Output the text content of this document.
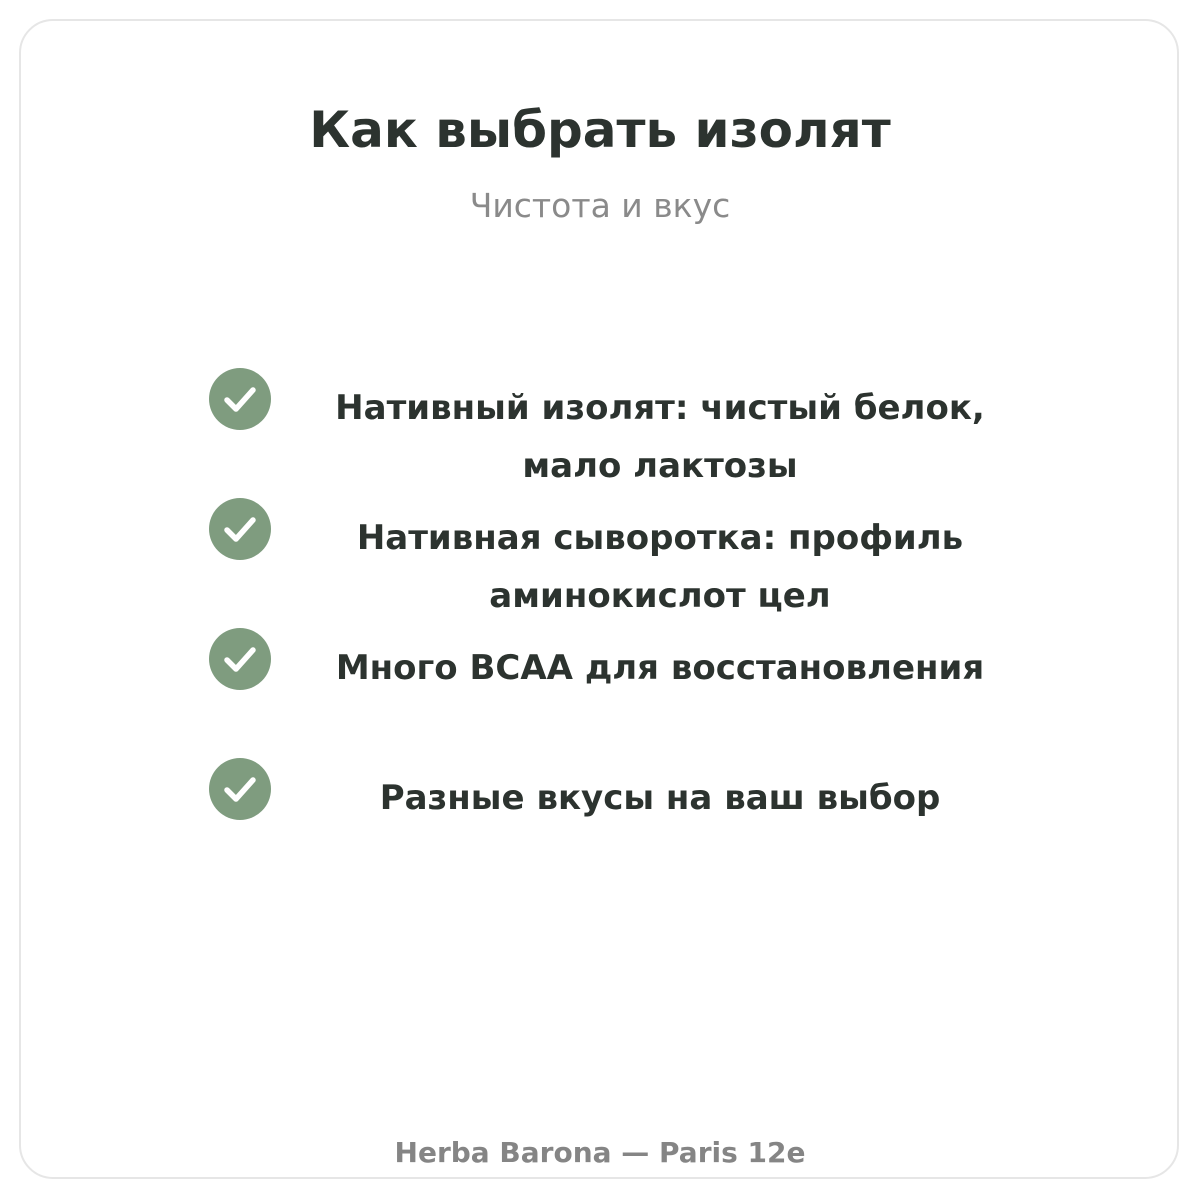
Как выбрать изолят

Чистота и вкус

Нативный изолят: чистый белок, мало лактозы
Нативная сыворотка: профиль аминокислот цел
Много BCAA для восстановления
Разные вкусы на ваш выбор

Herba Barona — Paris 12e
